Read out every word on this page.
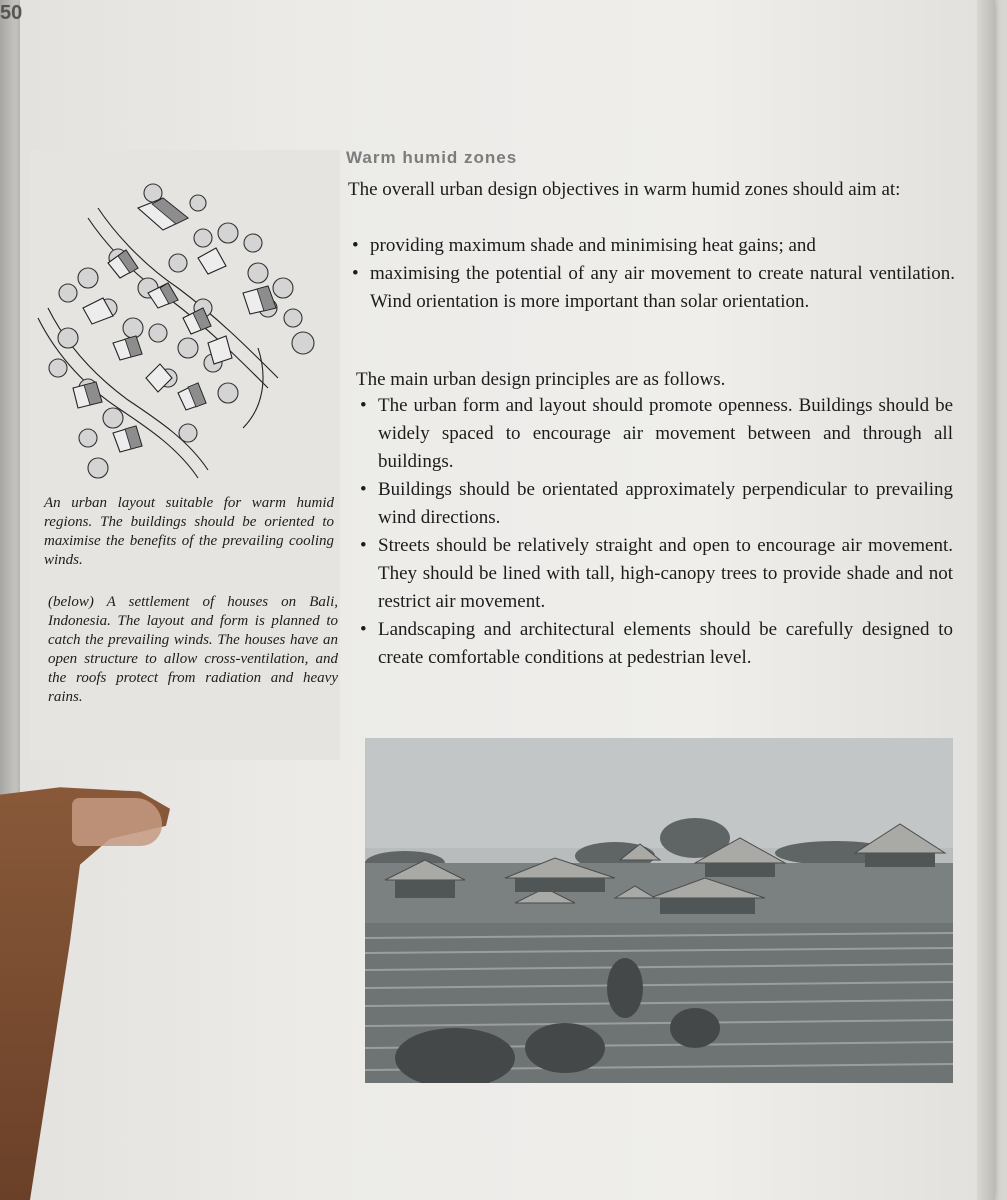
50
An urban layout suitable for warm humid regions. The buildings should be oriented to maximise the benefits of the prevailing cooling winds.
(below) A settlement of houses on Bali, Indonesia. The layout and form is planned to catch the prevailing winds. The houses have an open structure to allow cross-ventilation, and the roofs protect from radiation and heavy rains.
Warm humid zones
The overall urban design objectives in warm humid zones should aim at:
• providing maximum shade and minimising heat gains; and
• maximising the potential of any air movement to create natural ventilation. Wind orientation is more important than solar orientation.
The main urban design principles are as follows.
• The urban form and layout should promote openness. Buildings should be widely spaced to encourage air movement between and through all buildings.
• Buildings should be orientated approximately perpendicular to prevailing wind directions.
• Streets should be relatively straight and open to encourage air movement. They should be lined with tall, high-canopy trees to provide shade and not restrict air movement.
• Landscaping and architectural elements should be carefully designed to create comfortable conditions at pedestrian level.
